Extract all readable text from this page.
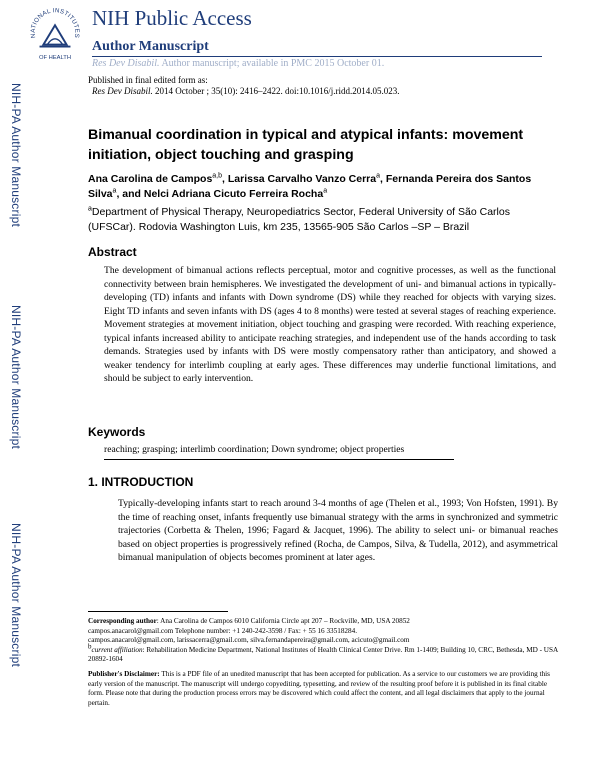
NATIONAL INSTITUTES
OF HEALTH
NIH Public Access
Author Manuscript
Res Dev Disabil. Author manuscript; available in PMC 2015 October 01.
Published in final edited form as:
Res Dev Disabil. 2014 October ; 35(10): 2416–2422. doi:10.1016/j.ridd.2014.05.023.
NIH-PA Author Manuscript
NIH-PA Author Manuscript
NIH-PA Author Manuscript
Bimanual coordination in typical and atypical infants: movement initiation, object touching and grasping
Ana Carolina de Campos$^{a,b}$, Larissa Carvalho Vanzo Cerra$^a$, Fernanda Pereira dos Santos Silva$^a$, and Nelci Adriana Cicuto Ferreira Rocha$^a$
$^a$Department of Physical Therapy, Neuropediatrics Sector, Federal University of São Carlos (UFSCar). Rodovia Washington Luis, km 235, 13565-905 São Carlos –SP – Brazil
Abstract
The development of bimanual actions reflects perceptual, motor and cognitive processes, as well as the functional connectivity between brain hemispheres. We investigated the development of uni- and bimanual actions in typically-developing (TD) infants and infants with Down syndrome (DS) while they reached for objects with varying sizes. Eight TD infants and seven infants with DS (ages 4 to 8 months) were tested at several stages of reaching experience. Movement strategies at movement initiation, object touching and grasping were recorded. With reaching experience, typical infants increased ability to anticipate reaching strategies, and independent use of the hands according to task demands. Strategies used by infants with DS were mostly compensatory rather than anticipatory, and showed a weaker tendency for interlimb coupling at early ages. These differences may underlie functional limitations, and should be subject to early intervention.
Keywords
reaching; grasping; interlimb coordination; Down syndrome; object properties
1. INTRODUCTION
Typically-developing infants start to reach around 3-4 months of age (Thelen et al., 1993; Von Hofsten, 1991). By the time of reaching onset, infants frequently use bimanual strategy with the arms in synchronized and symmetric trajectories (Corbetta & Thelen, 1996; Fagard & Jacquet, 1996). The ability to select uni- or bimanual reaches based on object properties is progressively refined (Rocha, de Campos, Silva, & Tudella, 2012), and asymmetrical bimanual manipulation of objects becomes prominent at later ages.

Corresponding author: Ana Carolina de Campos 6010 California Circle apt 207 – Rockville, MD, USA 20852

campos.anacarol@gmail.com Telephone number: +1 240-242-3598 / Fax: + 55 16 33518284.

campos.anacarol@gmail.com, larissacerra@gmail.com, silva.fernandapereira@gmail.com, acicuto@gmail.com

$^b$current affiliation: Rehabilitation Medicine Department, National Institutes of Health Clinical Center Drive. Rm 1-1409; Building 10, CRC, Bethesda, MD - USA 20892-1604

Publisher's Disclaimer: This is a PDF file of an unedited manuscript that has been accepted for publication. As a service to our customers we are providing this early version of the manuscript. The manuscript will undergo copyediting, typesetting, and review of the resulting proof before it is published in its final citable form. Please note that during the production process errors may be discovered which could affect the content, and all legal disclaimers that apply to the journal pertain.
